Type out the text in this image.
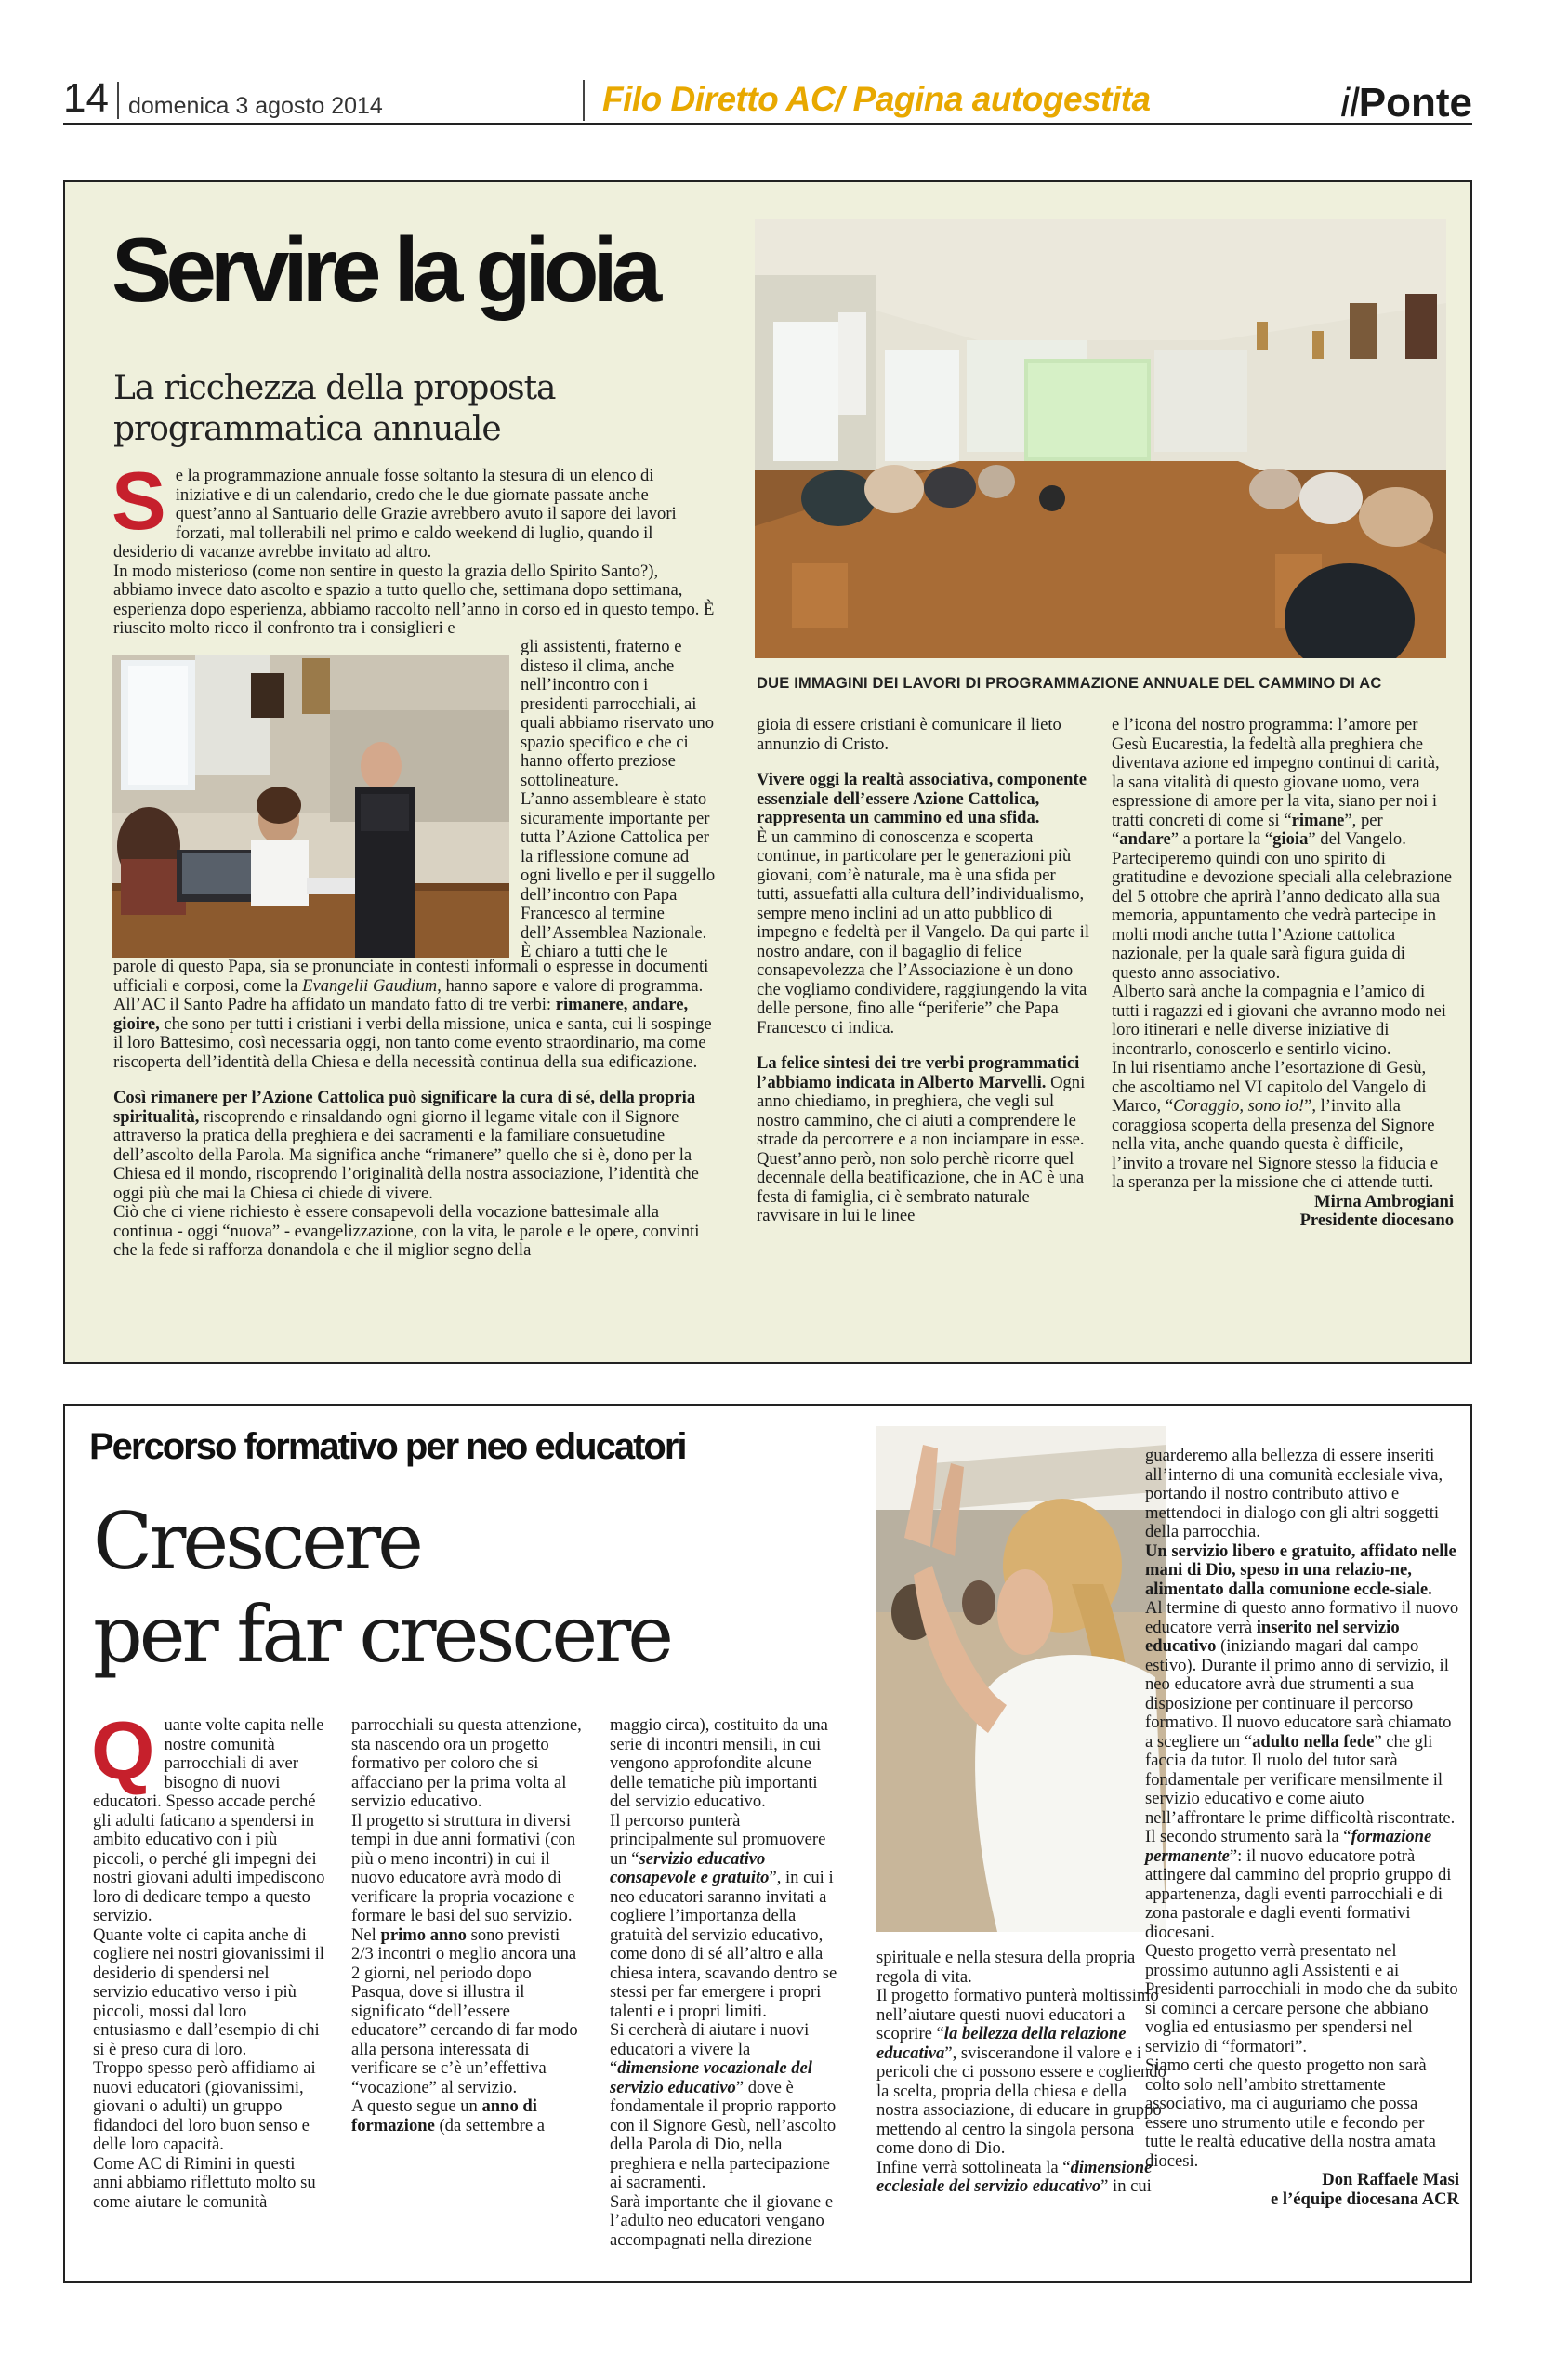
14 domenica 3 agosto 2014	Filo Diretto AC/ Pagina autogestita	ilPonte
Servire la gioia
La ricchezza della proposta programmatica annuale

Se la programmazione annuale fosse soltanto la stesura di un elenco di iniziative e di un calendario, credo che le due giornate passate anche quest’anno al Santuario delle Grazie avrebbero avuto il sapore dei lavori forzati, mal tollerabili nel primo e caldo weekend di luglio, quando il desiderio di vacanze avrebbe invitato ad altro.

In modo misterioso (come non sentire in questo la grazia dello Spirito Santo?), abbiamo invece dato ascolto e spazio a tutto quello che, settimana dopo settimana, esperienza dopo esperienza, abbiamo raccolto nell’anno in corso ed in questo tempo. È riuscito molto ricco il confronto tra i consiglieri e

gli assistenti, fraterno e disteso il clima, anche nell’incontro con i presidenti parrocchiali, ai quali abbiamo riservato uno spazio specifico e che ci hanno offerto preziose sottolineature.

L’anno assembleare è stato sicuramente importante per tutta l’Azione Cattolica per la riflessione comune ad ogni livello e per il suggello dell’incontro con Papa Francesco al termine dell’Assemblea Nazionale. È chiaro a tutti che le

parole di questo Papa, sia se pronunciate in contesti informali o espresse in documenti ufficiali e corposi, come la Evangelii Gaudium, hanno sapore e valore di programma.

All’AC il Santo Padre ha affidato un mandato fatto di tre verbi: rimanere, andare, gioire, che sono per tutti i cristiani i verbi della missione, unica e santa, cui li sospinge il loro Battesimo, così necessaria oggi, non tanto come evento straordinario, ma come riscoperta dell’identità della Chiesa e della necessità continua della sua edificazione.

Così rimanere per l’Azione Cattolica può significare la cura di sé, della propria spiritualità, riscoprendo e rinsaldando ogni giorno il legame vitale con il Signore attraverso la pratica della preghiera e dei sacramenti e la familiare consuetudine dell’ascolto della Parola. Ma significa anche “rimanere” quello che si è, dono per la Chiesa ed il mondo, riscoprendo l’originalità della nostra associazione, l’identità che oggi più che mai la Chiesa ci chiede di vivere.

Ciò che ci viene richiesto è essere consapevoli della vocazione battesimale alla continua - oggi “nuova” - evangelizzazione, con la vita, le parole e le opere, convinti che la fede si rafforza donandola e che il miglior segno della

DUE IMMAGINI DEI LAVORI DI PROGRAMMAZIONE ANNUALE DEL CAMMINO DI AC

gioia di essere cristiani è comunicare il lieto annunzio di Cristo.

Vivere oggi la realtà associativa, componente essenziale dell’essere Azione Cattolica, rappresenta un cammino ed una sfida.

È un cammino di conoscenza e scoperta continue, in particolare per le generazioni più giovani, com’è naturale, ma è una sfida per tutti, assuefatti alla cultura dell’individualismo, sempre meno inclini ad un atto pubblico di impegno e fedeltà per il Vangelo. Da qui parte il nostro andare, con il bagaglio di felice consapevolezza che l’Associazione è un dono che vogliamo condividere, raggiungendo la vita delle persone, fino alle “periferie” che Papa Francesco ci indica.

La felice sintesi dei tre verbi programmatici l’abbiamo indicata in Alberto Marvelli. Ogni anno chiediamo, in preghiera, che vegli sul nostro cammino, che ci aiuti a comprendere le strade da percorrere e a non inciampare in esse.

Quest’anno però, non solo perchè ricorre quel decennale della beatificazione, che in AC è una festa di famiglia, ci è sembrato naturale ravvisare in lui le linee

e l’icona del nostro programma: l’amore per Gesù Eucarestia, la fedeltà alla preghiera che diventava azione ed impegno continui di carità, la sana vitalità di questo giovane uomo, vera espressione di amore per la vita, siano per noi i tratti concreti di come si “rimane”, per “andare” a portare la “gioia” del Vangelo.

Parteciperemo quindi con uno spirito di gratitudine e devozione speciali alla celebrazione del 5 ottobre che aprirà l’anno dedicato alla sua memoria, appuntamento che vedrà partecipe in molti modi anche tutta l’Azione cattolica nazionale, per la quale sarà figura guida di questo anno associativo.

Alberto sarà anche la compagnia e l’amico di tutti i ragazzi ed i giovani che avranno modo nei loro itinerari e nelle diverse iniziative di incontrarlo, conoscerlo e sentirlo vicino.

In lui risentiamo anche l’esortazione di Gesù, che ascoltiamo nel VI capitolo del Vangelo di Marco, “Coraggio, sono io!”, l’invito alla coraggiosa scoperta della presenza del Signore nella vita, anche quando questa è difficile, l’invito a trovare nel Signore stesso la fiducia e la speranza per la missione che ci attende tutti.

Mirna Ambrogiani

Presidente diocesano

Percorso formativo per neo educatori
Crescere
per far crescere

Quante volte capita nelle nostre comunità parrocchiali di aver bisogno di nuovi educatori. Spesso accade perché gli adulti faticano a spendersi in ambito educativo con i più piccoli, o perché gli impegni dei nostri giovani adulti impediscono loro di dedicare tempo a questo servizio.

Quante volte ci capita anche di cogliere nei nostri giovanissimi il desiderio di spendersi nel servizio educativo verso i più piccoli, mossi dal loro entusiasmo e dall’esempio di chi si è preso cura di loro.

Troppo spesso però affidiamo ai nuovi educatori (giovanissimi, giovani o adulti) un gruppo fidandoci del loro buon senso e delle loro capacità.

Come AC di Rimini in questi anni abbiamo riflettuto molto su come aiutare le comunità

parrocchiali su questa attenzione, sta nascendo ora un progetto formativo per coloro che si affacciano per la prima volta al servizio educativo.

Il progetto si struttura in diversi tempi in due anni formativi (con più o meno incontri) in cui il nuovo educatore avrà modo di verificare la propria vocazione e formare le basi del suo servizio.

Nel primo anno sono previsti 2/3 incontri o meglio ancora una 2 giorni, nel periodo dopo Pasqua, dove si illustra il significato “dell’essere educatore” cercando di far modo alla persona interessata di verificare se c’è un’effettiva “vocazione” al servizio.

A questo segue un anno di formazione (da settembre a

maggio circa), costituito da una serie di incontri mensili, in cui vengono approfondite alcune delle tematiche più importanti del servizio educativo.

Il percorso punterà principalmente sul promuovere un “servizio educativo consapevole e gratuito”, in cui i neo educatori saranno invitati a cogliere l’importanza della gratuità del servizio educativo, come dono di sé all’altro e alla chiesa intera, scavando dentro se stessi per far emergere i propri talenti e i propri limiti.

Si cercherà di aiutare i nuovi educatori a vivere la “dimensione vocazionale del servizio educativo” dove è fondamentale il proprio rapporto con il Signore Gesù, nell’ascolto della Parola di Dio, nella preghiera e nella partecipazione ai sacramenti.

Sarà importante che il giovane e l’adulto neo educatori vengano accompagnati nella direzione

spirituale e nella stesura della propria regola di vita.

Il progetto formativo punterà moltissimo nell’aiutare questi nuovi educatori a scoprire “la bellezza della relazione educativa”, sviscerandone il valore e i pericoli che ci possono essere e cogliendo la scelta, propria della chiesa e della nostra associazione, di educare in gruppo mettendo al centro la singola persona come dono di Dio.

Infine verrà sottolineata la “dimensione ecclesiale del servizio educativo” in cui

guarderemo alla bellezza di essere inseriti all’interno di una comunità ecclesiale viva, portando il nostro contributo attivo e mettendoci in dialogo con gli altri soggetti della parrocchia.

Un servizio libero e gratuito, affidato nelle mani di Dio, speso in una relazio-ne, alimentato dalla comunione eccle-siale.

Al termine di questo anno formativo il nuovo educatore verrà inserito nel servizio educativo (iniziando magari dal campo estivo). Durante il primo anno di servizio, il neo educatore avrà due strumenti a sua disposizione per continuare il percorso formativo. Il nuovo educatore sarà chiamato a scegliere un “adulto nella fede” che gli faccia da tutor. Il ruolo del tutor sarà fondamentale per verificare mensilmente il servizio educativo e come aiuto nell’affrontare le prime difficoltà riscontrate. Il secondo strumento sarà la “formazione permanente”: il nuovo educatore potrà attingere dal cammino del proprio gruppo di appartenenza, dagli eventi parrocchiali e di zona pastorale e dagli eventi formativi diocesani.

Questo progetto verrà presentato nel prossimo autunno agli Assistenti e ai Presidenti parrocchiali in modo che da subito si cominci a cercare persone che abbiano voglia ed entusiasmo per spendersi nel servizio di “formatori”.

Siamo certi che questo progetto non sarà colto solo nell’ambito strettamente associativo, ma ci auguriamo che possa essere uno strumento utile e fecondo per tutte le realtà educative della nostra amata diocesi.

Don Raffaele Masi

e l’équipe diocesana ACR
